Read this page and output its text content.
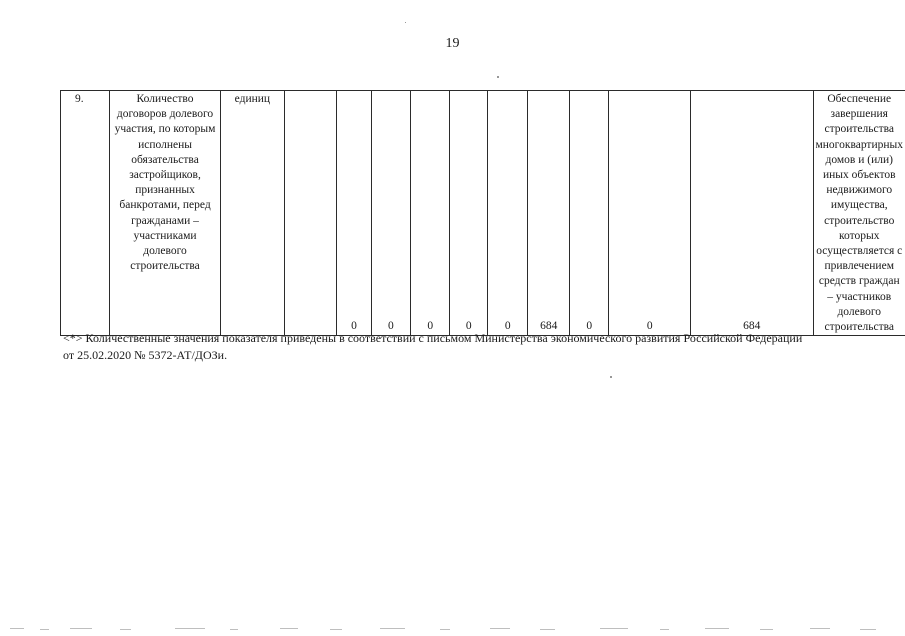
19
9.	Количество договоров долевого участия, по которым исполнены обязательства застройщиков, признанных банкротами, перед гражданами – участниками долевого строительства	единиц		0	0	0	0	0	684	0	0	684	Обеспечение завершения строительства многоквартирных домов и (или) иных объектов недвижимого имущества, строительство которых осуществляется с привлечением средств граждан – участников долевого строительства

<*> Количественные значения показателя приведены в соответствии с письмом Министерства экономического развития Российской Федерации

от 25.02.2020 № 5372-АТ/ДОЗи.
